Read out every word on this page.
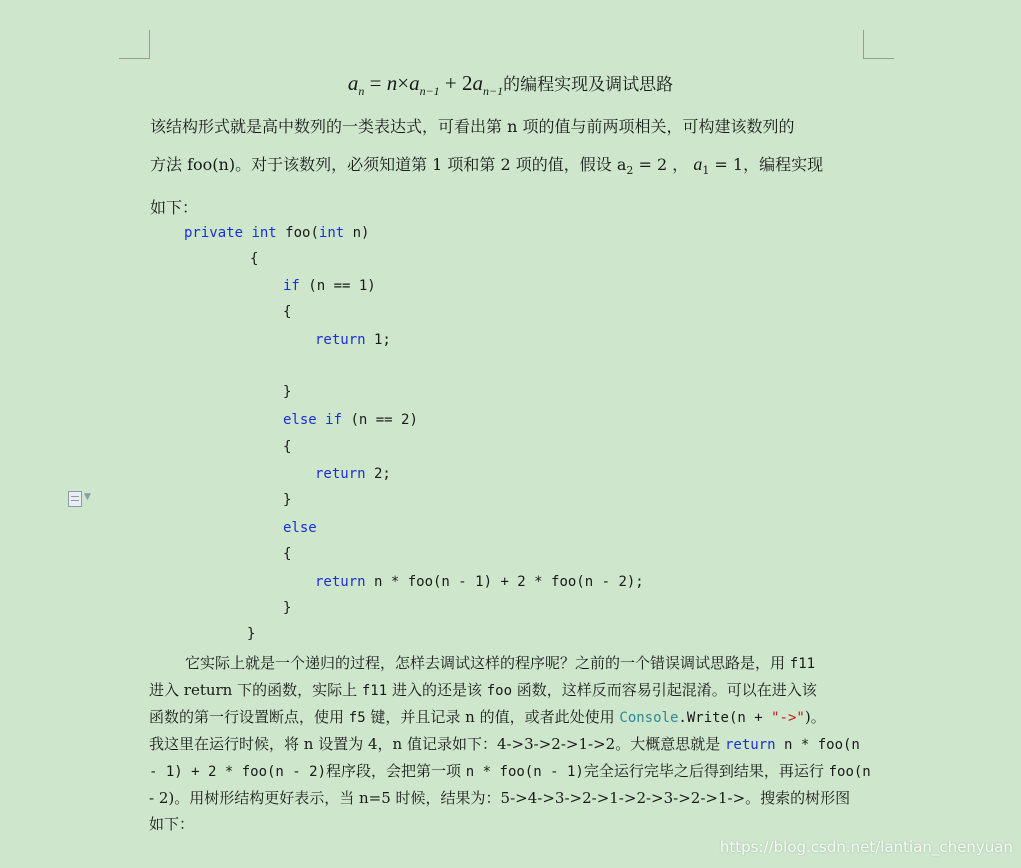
$a_n = n\times a_{n-1} + 2a_{n-1}$的编程实现及调试思路
该结构形式就是高中数列的一类表达式，可看出第 n 项的值与前两项相关，可构建该数列的
方法 foo(n)。对于该数列，必须知道第 1 项和第 2 项的值，假设 $a_2 = 2$ ， $a_1 = 1$，编程实现
如下：
private int foo(int n)
{
if (n == 1)
{
return 1;
}
else if (n == 2)
{
return 2;
}
else
{
return n * foo(n - 1) + 2 * foo(n - 2);
}
}
▼
它实际上就是一个递归的过程，怎样去调试这样的程序呢？之前的一个错误调试思路是，用 f11
进入 return 下的函数，实际上 f11 进入的还是该 foo 函数，这样反而容易引起混淆。可以在进入该
函数的第一行设置断点，使用 f5 键，并且记录 n 的值，或者此处使用 Console.Write(n + "->")。
我这里在运行时候，将 n 设置为 4，n 值记录如下：4->3->2->1->2。大概意思就是 return n * foo(n
- 1) + 2 * foo(n - 2)程序段，会把第一项 n * foo(n - 1)完全运行完毕之后得到结果，再运行 foo(n
- 2)。用树形结构更好表示，当 n=5 时候，结果为：5->4->3->2->1->2->3->2->1->。搜索的树形图
如下：
https://blog.csdn.net/lantian_chenyuan
